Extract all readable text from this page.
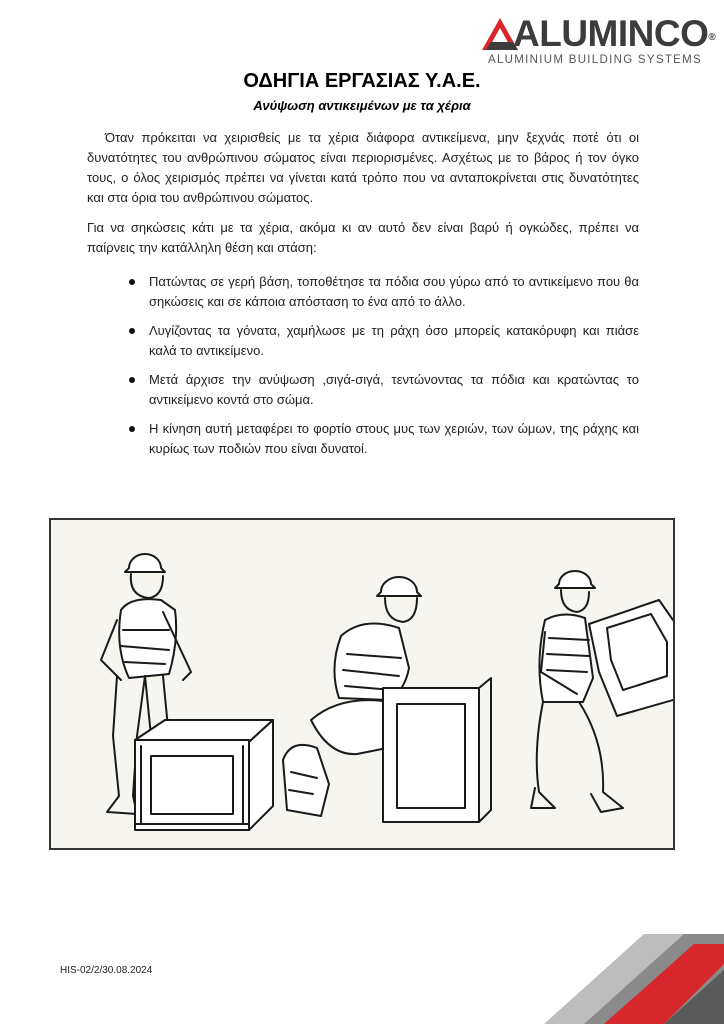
ALUMINCO®
ALUMINIUM BUILDING SYSTEMS
ΟΔΗΓΙΑ ΕΡΓΑΣΙΑΣ Υ.Α.Ε.
Ανύψωση αντικειμένων με τα χέρια

Όταν πρόκειται να χειρισθείς με τα χέρια διάφορα αντικείμενα, μην ξεχνάς ποτέ ότι οι δυνατότητες του ανθρώπινου σώματος είναι περιορισμένες. Ασχέτως με το βάρος ή τον όγκο τους, ο όλος χειρισμός πρέπει να γίνεται κατά τρόπο που να ανταποκρίνεται στις δυνατότητες και στα όρια του ανθρώπινου σώματος.

Για να σηκώσεις κάτι με τα χέρια, ακόμα κι αν αυτό δεν είναι βαρύ ή ογκώδες, πρέπει να παίρνεις την κατάλληλη θέση και στάση:

Πατώντας σε γερή βάση, τοποθέτησε τα πόδια σου γύρω από το αντικείμενο που θα σηκώσεις και σε κάποια απόσταση το ένα από το άλλο.
Λυγίζοντας τα γόνατα, χαμήλωσε με τη ράχη όσο μπορείς κατακόρυφη και πιάσε καλά το αντικείμενο.
Μετά άρχισε την ανύψωση ,σιγά-σιγά, τεντώνοντας τα πόδια και κρατώντας το αντικείμενο κοντά στο σώμα.
Η κίνηση αυτή μεταφέρει το φορτίο στους μυς των χεριών, των ώμων, της ράχης και κυρίως των ποδιών που είναι δυνατοί.
HIS-02/2/30.08.2024
